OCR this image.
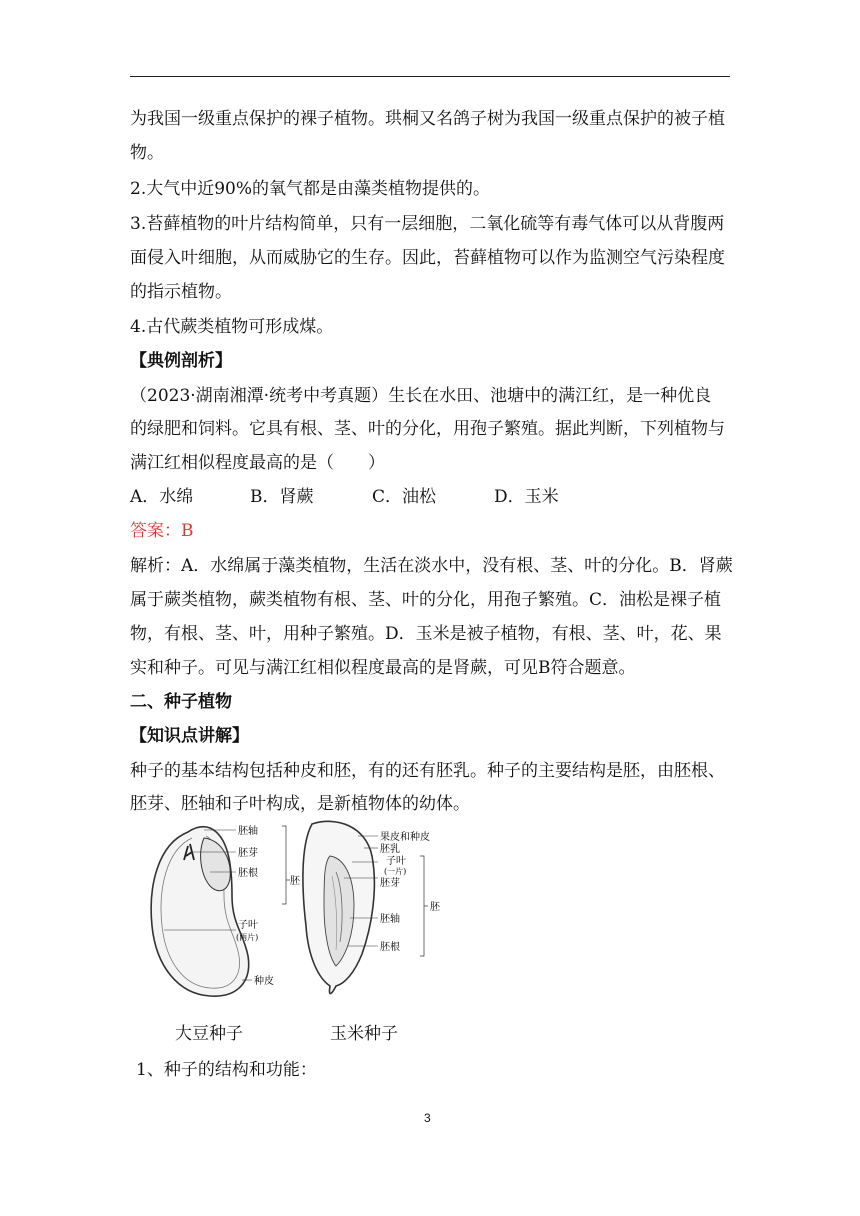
为我国一级重点保护的裸子植物。珙桐又名鸽子树为我国一级重点保护的被子植
物。
2.大气中近90%的氧气都是由藻类植物提供的。
3.苔藓植物的叶片结构简单，只有一层细胞，二氧化硫等有毒气体可以从背腹两
面侵入叶细胞，从而威胁它的生存。因此，苔藓植物可以作为监测空气污染程度
的指示植物。
4.古代蕨类植物可形成煤。
【典例剖析】
（2023·湖南湘潭·统考中考真题）生长在水田、池塘中的满江红，是一种优良
的绿肥和饲料。它具有根、茎、叶的分化，用孢子繁殖。据此判断，下列植物与
满江红相似程度最高的是（　　）
A．水绵	B．肾蕨	C．油松	D．玉米
答案：B
解析：A．水绵属于藻类植物，生活在淡水中，没有根、茎、叶的分化。B．肾蕨
属于蕨类植物，蕨类植物有根、茎、叶的分化，用孢子繁殖。C．油松是裸子植
物，有根、茎、叶，用种子繁殖。D．玉米是被子植物，有根、茎、叶，花、果
实和种子。可见与满江红相似程度最高的是肾蕨，可见B符合题意。
二、种子植物
【知识点讲解】
种子的基本结构包括种皮和胚，有的还有胚乳。种子的主要结构是胚，由胚根、
胚芽、胚轴和子叶构成，是新植物体的幼体。
胚轴
胚芽
胚根
胚
子叶
(两片)
种皮
果皮和种皮
胚乳
子叶
(一片)
胚芽
胚轴
胚根
胚
大豆种子	玉米种子
1、种子的结构和功能：
3
